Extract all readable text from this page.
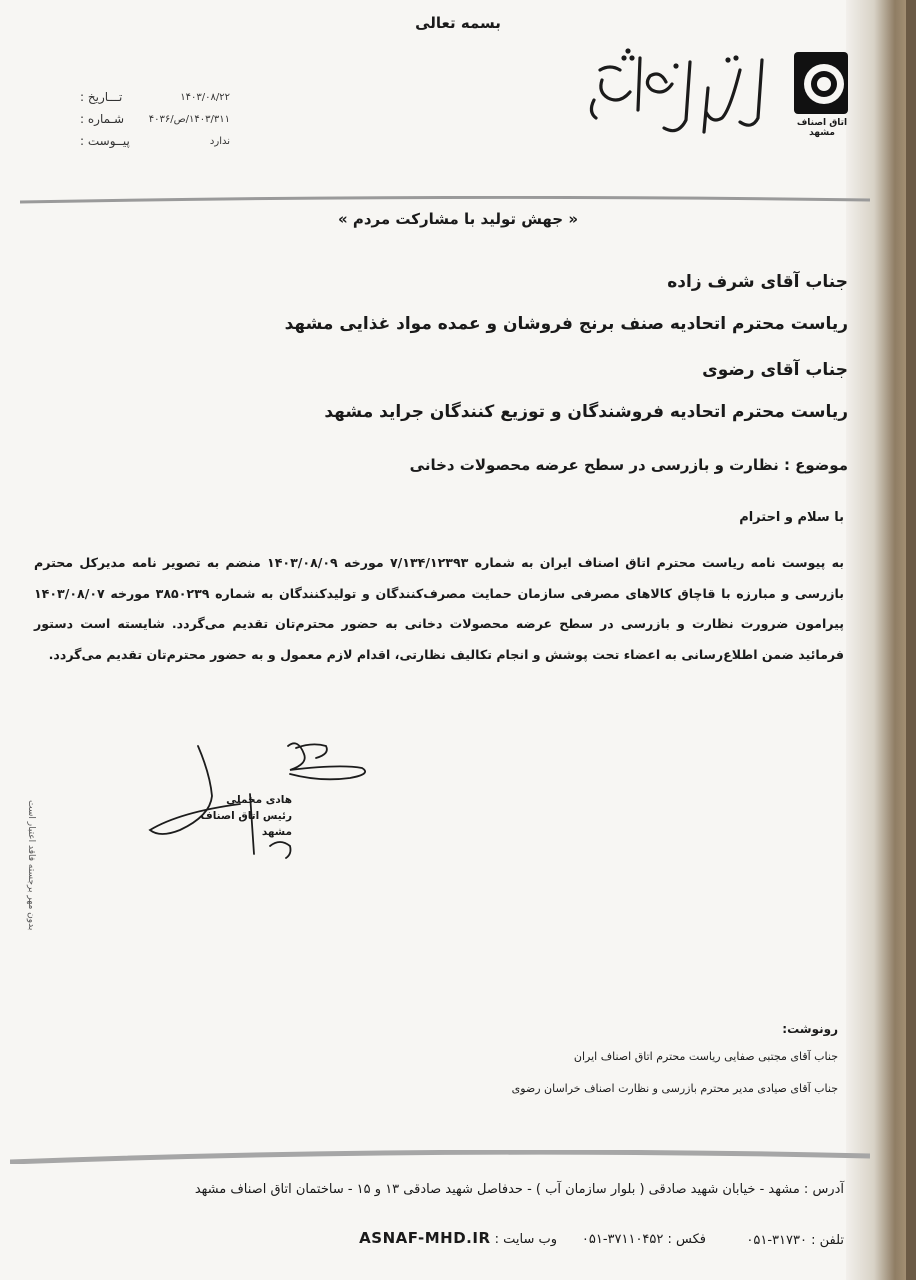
بسمه تعالی
اتاق اصناف مشهد
تـــاریخ :	۱۴۰۳/۰۸/۲۲
شـماره : ۱۴۰۳/۳۱۱/ص/۴۰۳۶
پیــوست :	ندارد
« جهش تولید با مشارکت مردم »
جناب آقای شرف زاده
ریاست محترم اتحادیه صنف برنج فروشان و عمده مواد غذایی مشهد
جناب آقای رضوی
ریاست محترم اتحادیه فروشندگان و توزیع کنندگان جراید مشهد
موضوع : نظارت و بازرسی در سطح عرضه محصولات دخانی
با سلام و احترام
به پیوست نامه ریاست محترم اتاق اصناف ایران به شماره ۷/۱۳۴/۱۲۳۹۳ مورخه ۱۴۰۳/۰۸/۰۹ منضم به تصویر نامه مدیرکل محترم بازرسی و مبارزه با قاچاق کالاهای مصرفی سازمان حمایت مصرف‌کنندگان و تولیدکنندگان به شماره ۳۸۵۰۲۳۹ مورخه ۱۴۰۳/۰۸/۰۷ پیرامون ضرورت نظارت و بازرسی در سطح عرضه محصولات دخانی به حضور محترم‌تان تقدیم می‌گردد. شایسته است دستور فرمائید ضمن اطلاع‌رسانی به اعضاء تحت پوشش و انجام تکالیف نظارتی، اقدام لازم معمول و به حضور محترم‌تان تقدیم می‌گردد.
هادی مخملی
رئیس اتاق اصناف مشهد
بدون مهر برجسته فاقد اعتبار است
رونوشت:
جناب آقای مجتبی صفایی ریاست محترم اتاق اصناف ایران
جناب آقای صیادی مدیر محترم بازرسی و نظارت اصناف خراسان رضوی
آدرس : مشهد - خیابان شهید صادقی ( بلوار سازمان آب ) - حدفاصل شهید صادقی ۱۳ و ۱۵ - ساختمان اتاق اصناف مشهد
تلفن : ۳۱۷۳۰-۰۵۱
فکس : ۳۷۱۱۰۴۵۲-۰۵۱      وب سایت : ASNAF-MHD.IR
